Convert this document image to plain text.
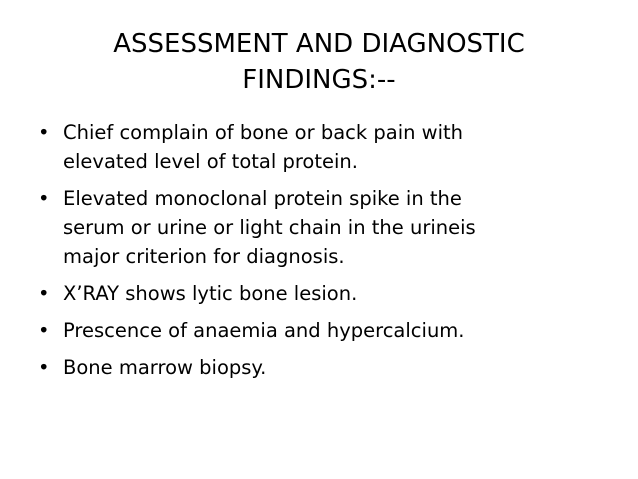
ASSESSMENT AND DIAGNOSTIC
FINDINGS:--
• Chief complain of bone or back pain with
elevated level of total protein.
• Elevated monoclonal protein spike in the
serum or urine or light chain in the urineis
major criterion for diagnosis.
• X’RAY shows lytic bone lesion.
• Prescence of anaemia and hypercalcium.
• Bone marrow biopsy.
